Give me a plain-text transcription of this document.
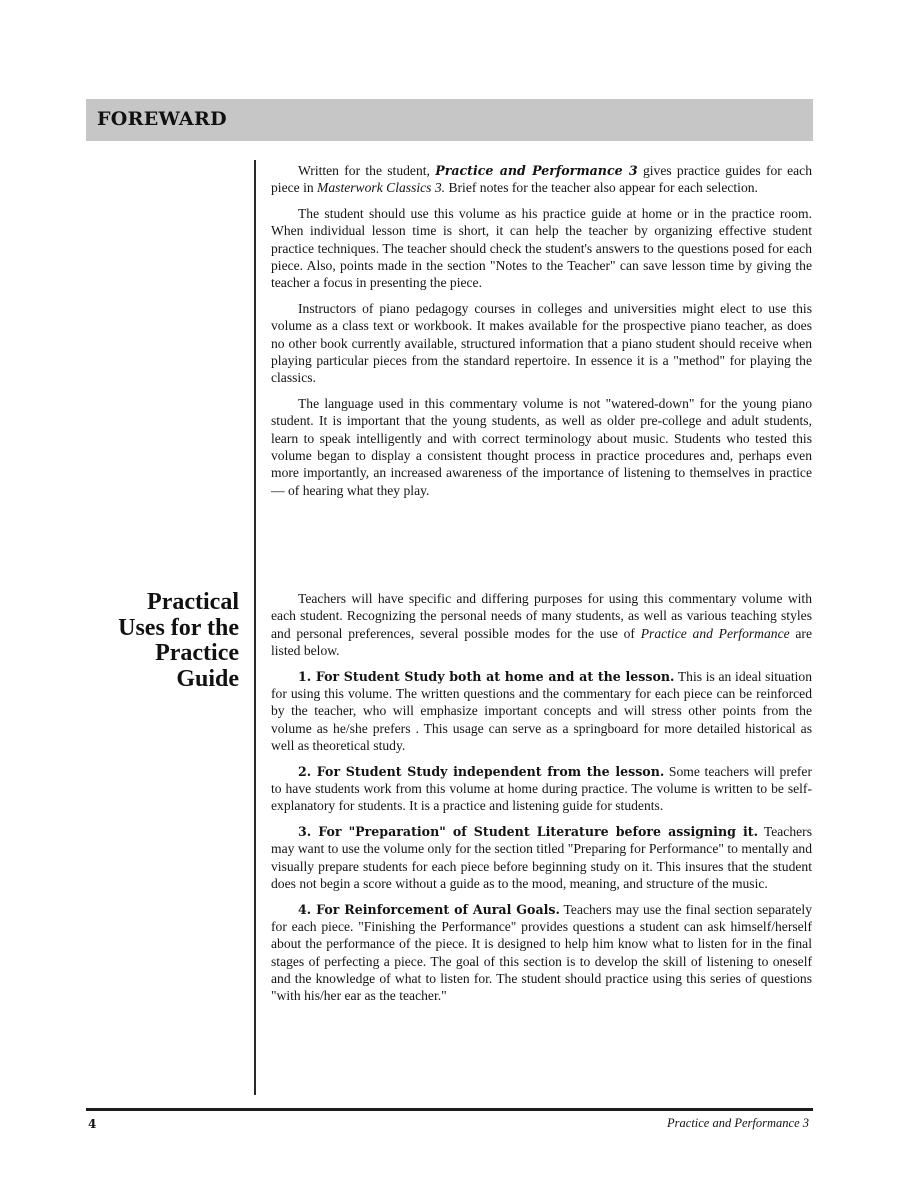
FOREWARD

Written for the student, Practice and Performance 3 gives practice guides for each piece in Masterwork Classics 3. Brief notes for the teacher also appear for each selection.

The student should use this volume as his practice guide at home or in the practice room. When individual lesson time is short, it can help the teacher by organizing effective student practice techniques. The teacher should check the student's answers to the questions posed for each piece. Also, points made in the section "Notes to the Teacher" can save lesson time by giving the teacher a focus in presenting the piece.

Instructors of piano pedagogy courses in colleges and universities might elect to use this volume as a class text or workbook. It makes available for the prospective piano teacher, as does no other book currently available, structured information that a piano student should receive when playing particular pieces from the standard repertoire. In essence it is a "method" for playing the classics.

The language used in this commentary volume is not "watered-down" for the young piano student. It is important that the young students, as well as older pre-college and adult students, learn to speak intelligently and with correct terminology about music. Students who tested this volume began to display a consistent thought process in practice procedures and, perhaps even more importantly, an increased awareness of the importance of listening to themselves in practice — of hearing what they play.

Practical
Uses for the
Practice
Guide

Teachers will have specific and differing purposes for using this commentary volume with each student. Recognizing the personal needs of many students, as well as various teaching styles and personal preferences, several possible modes for the use of Practice and Performance are listed below.

1. For Student Study both at home and at the lesson. This is an ideal situation for using this volume. The written questions and the commentary for each piece can be reinforced by the teacher, who will emphasize important concepts and will stress other points from the volume as he/she prefers . This usage can serve as a springboard for more detailed historical as well as theoretical study.

2. For Student Study independent from the lesson. Some teachers will prefer to have students work from this volume at home during practice. The volume is written to be self-explanatory for students. It is a practice and listening guide for students.

3. For "Preparation" of Student Literature before assigning it. Teachers may want to use the volume only for the section titled "Preparing for Performance" to mentally and visually prepare students for each piece before beginning study on it. This insures that the student does not begin a score without a guide as to the mood, meaning, and structure of the music.

4. For Reinforcement of Aural Goals. Teachers may use the final section separately for each piece. "Finishing the Performance" provides questions a student can ask himself/herself about the performance of the piece. It is designed to help him know what to listen for in the final stages of perfecting a piece. The goal of this section is to develop the skill of listening to oneself and the knowledge of what to listen for. The student should practice using this series of questions "with his/her ear as the teacher."

4	Practice and Performance 3
